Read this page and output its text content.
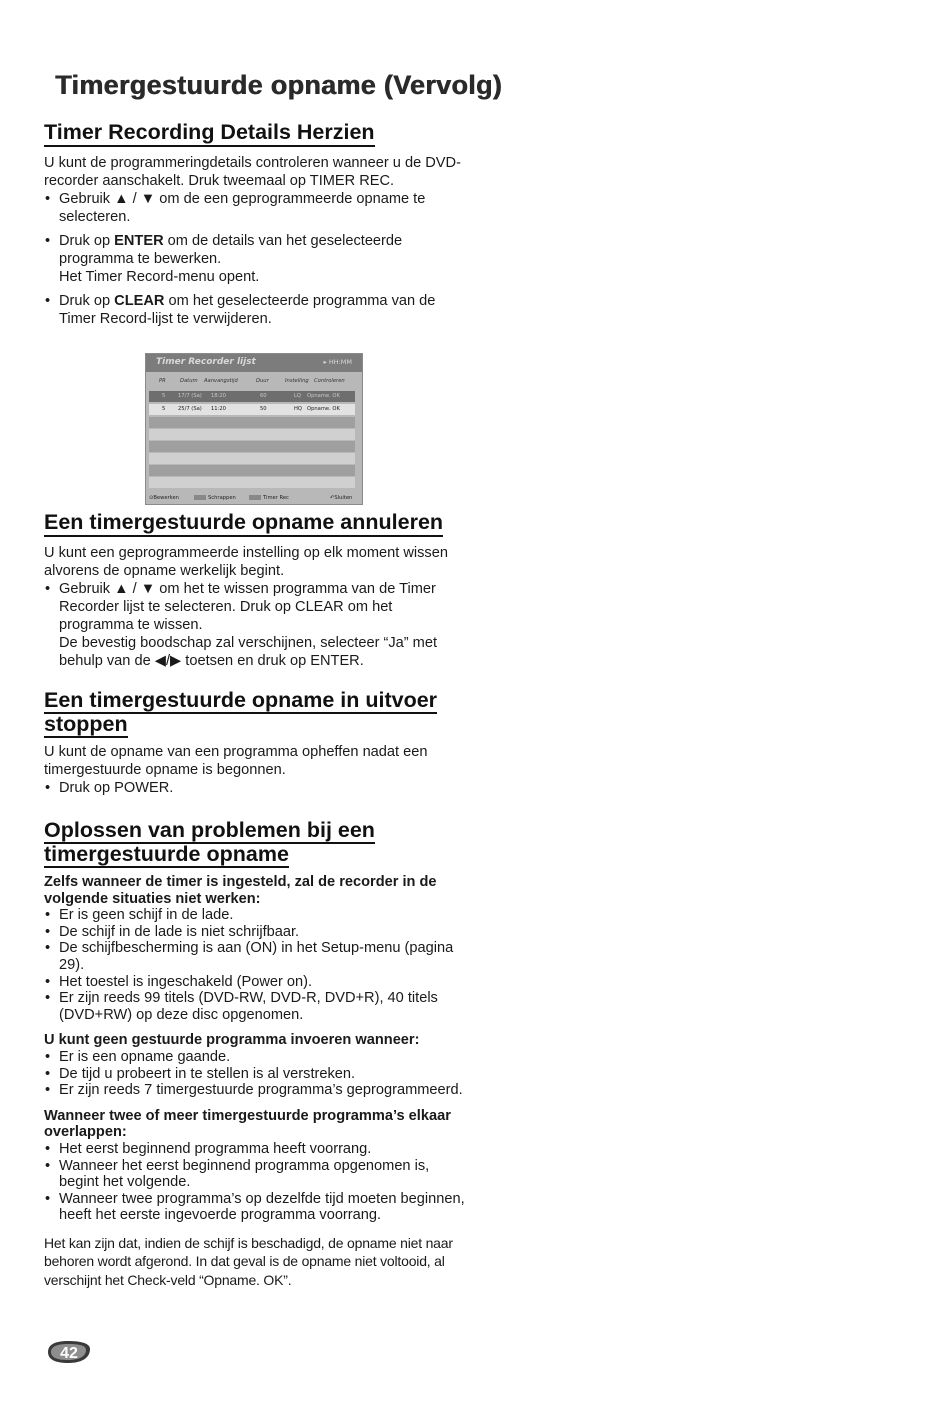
Timergestuurde opname (Vervolg)
Timer Recording Details Herzien

U kunt de programmeringdetails controleren wanneer u de DVD-recorder aanschakelt. Druk tweemaal op TIMER REC.

• Gebruik ▲ / ▼ om de een geprogrammeerde opname te selecteren.
• Druk op ENTER om de details van het geselecteerde programma te bewerken.
Het Timer Record-menu opent.
• Druk op CLEAR om het geselecteerde programma van de Timer Record-lijst te verwijderen.
Een timergestuurde opname annuleren

U kunt een geprogrammeerde instelling op elk moment wissen alvorens de opname werkelijk begint.

• Gebruik ▲ / ▼ om het te wissen programma van de Timer Recorder lijst te selecteren. Druk op CLEAR om het programma te wissen.
De bevestig boodschap zal verschijnen, selecteer “Ja” met behulp van de ◀/▶ toetsen en druk op ENTER.
Een timergestuurde opname in uitvoer
stoppen

U kunt de opname van een programma opheffen nadat een timergestuurde opname is begonnen.

• Druk op POWER.
Oplossen van problemen bij een
timergestuurde opname

Zelfs wanneer de timer is ingesteld, zal de recorder in de volgende situaties niet werken:

• Er is geen schijf in de lade.
• De schijf in de lade is niet schrijfbaar.
• De schijfbescherming is aan (ON) in het Setup-menu (pagina 29).
• Het toestel is ingeschakeld (Power on).
• Er zijn reeds 99 titels (DVD-RW, DVD-R, DVD+R), 40 titels (DVD+RW) op deze disc opgenomen.

U kunt geen gestuurde programma invoeren wanneer:

• Er is een opname gaande.
• De tijd u probeert in te stellen is al verstreken.
• Er zijn reeds 7 timergestuurde programma’s geprogrammeerd.

Wanneer twee of meer timergestuurde programma’s elkaar overlappen:

• Het eerst beginnend programma heeft voorrang.
• Wanneer het eerst beginnend programma opgenomen is, begint het volgende.
• Wanneer twee programma’s op dezelfde tijd moeten beginnen, heeft het eerste ingevoerde programma voorrang.

Het kan zijn dat, indien de schijf is beschadigd, de opname niet naar behoren wordt afgerond. In dat geval is de opname niet voltooid, al verschijnt het Check-veld “Opname. OK”.

Timer Recorder lijst	▸ HH:MM
PR	Datum Aanvangstijd	Duur	Instelling Controleren
5 17/7 (Sa) 18:20	60	LQ Opname. OK
5 25/7 (Sa) 11:20	50	HQ Opname. OK
⊙Bewerken	Schrappen	Timer Rec	↶Sluiten
42
